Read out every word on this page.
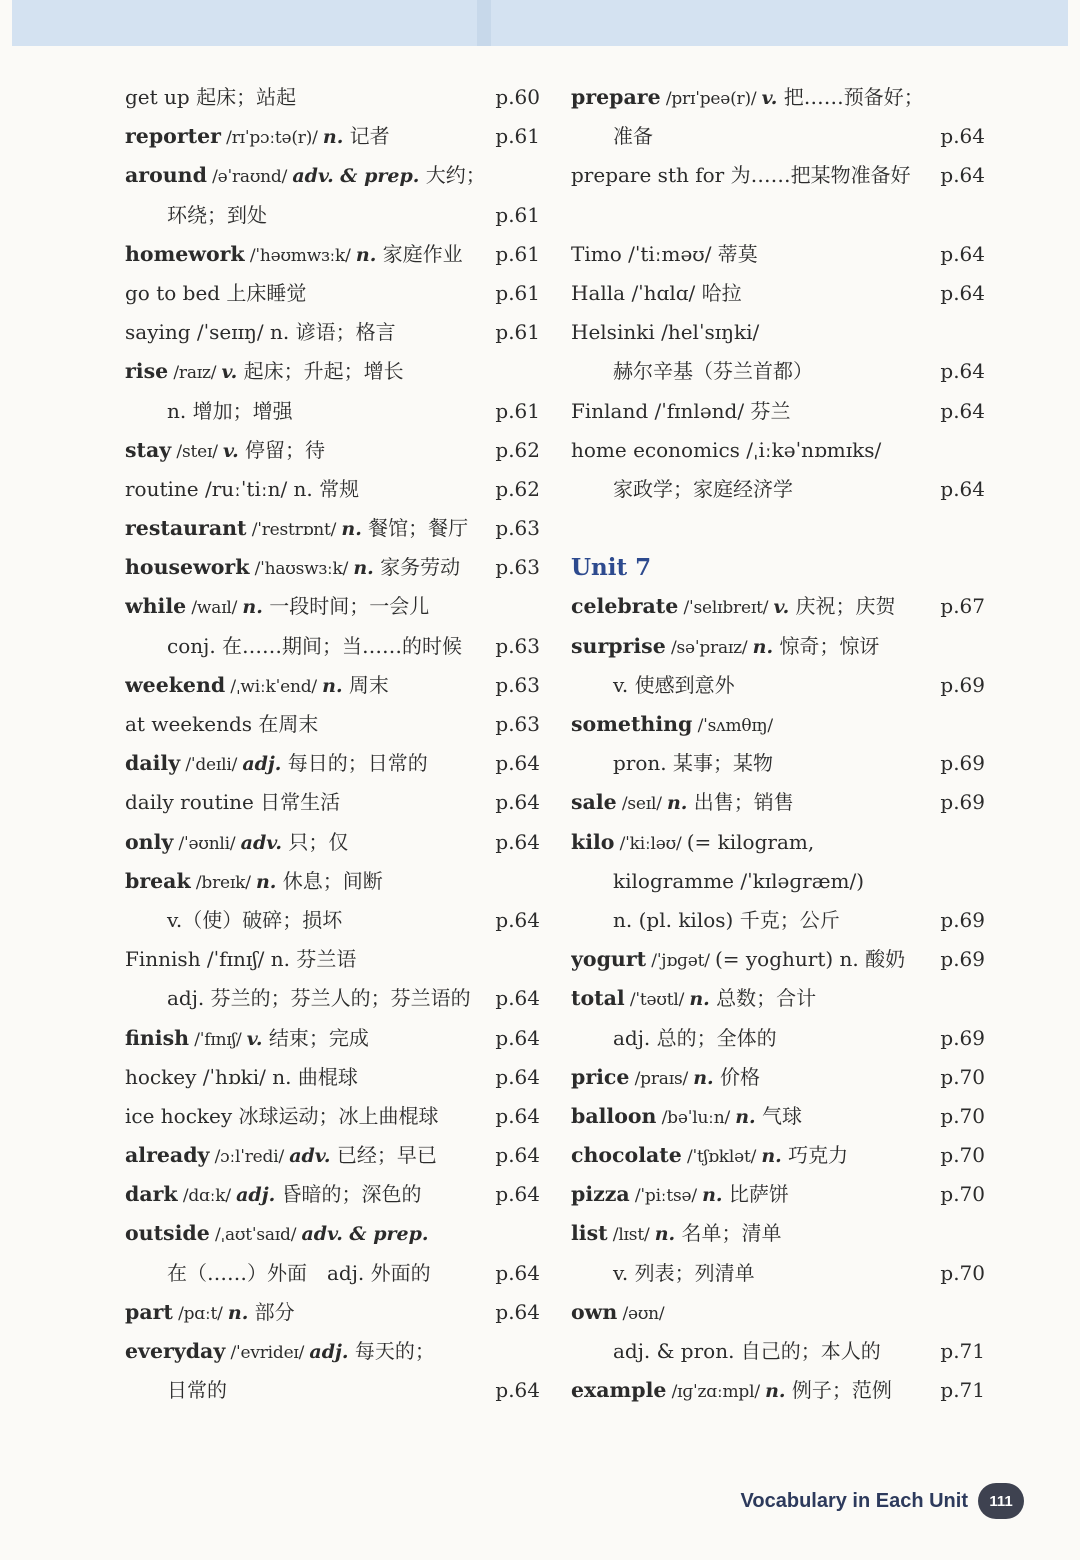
get up 起床；站起	p.60
reporter /rɪˈpɔːtə(r)/ n. 记者	p.61
around /əˈraʊnd/ adv. & prep. 大约；
环绕；到处	p.61
homework /ˈhəʊmwɜːk/ n. 家庭作业 p.61
go to bed 上床睡觉	p.61
saying /ˈseɪɪŋ/ n. 谚语；格言	p.61
rise /raɪz/ v. 起床；升起；增长
n. 增加；增强	p.61
stay /steɪ/ v. 停留；待	p.62
routine /ruːˈtiːn/ n. 常规	p.62
restaurant /ˈrestrɒnt/ n. 餐馆；餐厅 p.63
housework /ˈhaʊswɜːk/ n. 家务劳动 p.63
while /waɪl/ n. 一段时间；一会儿
conj. 在……期间；当……的时候 p.63
weekend /ˌwiːkˈend/ n. 周末	p.63
at weekends 在周末	p.63
daily /ˈdeɪli/ adj. 每日的；日常的	p.64
daily routine 日常生活	p.64
only /ˈəʊnli/ adv. 只；仅	p.64
break /breɪk/ n. 休息；间断
v.（使）破碎；损坏	p.64
Finnish /ˈfɪnɪʃ/ n. 芬兰语
adj. 芬兰的；芬兰人的；芬兰语的 p.64
finish /ˈfɪnɪʃ/ v. 结束；完成	p.64
hockey /ˈhɒki/ n. 曲棍球	p.64
ice hockey 冰球运动；冰上曲棍球	p.64
already /ɔːlˈredi/ adv. 已经；早已	p.64
dark /dɑːk/ adj. 昏暗的；深色的	p.64
outside /ˌaʊtˈsaɪd/ adv. & prep.
在（……）外面　adj. 外面的	p.64
part /pɑːt/ n. 部分	p.64
everyday /ˈevrideɪ/ adj. 每天的；
日常的	p.64
prepare /prɪˈpeə(r)/ v. 把……预备好；
准备	p.64
prepare sth for 为……把某物准备好 p.64
Timo /ˈtiːməʊ/ 蒂莫	p.64
Halla /ˈhɑlɑ/ 哈拉	p.64
Helsinki /helˈsɪŋki/
赫尔辛基（芬兰首都）	p.64
Finland /ˈfɪnlənd/ 芬兰	p.64
home economics /ˌiːkəˈnɒmɪks/
家政学；家庭经济学	p.64
Unit 7
celebrate /ˈselɪbreɪt/ v. 庆祝；庆贺 p.67
surprise /səˈpraɪz/ n. 惊奇；惊讶
v. 使感到意外	p.69
something /ˈsʌmθɪŋ/
pron. 某事；某物	p.69
sale /seɪl/ n. 出售；销售	p.69
kilo /ˈkiːləʊ/ (= kilogram,
kilogramme /ˈkɪləɡræm/)
n. (pl. kilos) 千克；公斤	p.69
yogurt /ˈjɒɡət/ (= yoghurt) n. 酸奶 p.69
total /ˈtəʊtl/ n. 总数；合计
adj. 总的；全体的	p.69
price /praɪs/ n. 价格	p.70
balloon /bəˈluːn/ n. 气球	p.70
chocolate /ˈtʃɒklət/ n. 巧克力	p.70
pizza /ˈpiːtsə/ n. 比萨饼	p.70
list /lɪst/ n. 名单；清单
v. 列表；列清单	p.70
own /əʊn/
adj. & pron. 自己的；本人的	p.71
example /ɪɡˈzɑːmpl/ n. 例子；范例 p.71
Vocabulary in Each Unit	111
